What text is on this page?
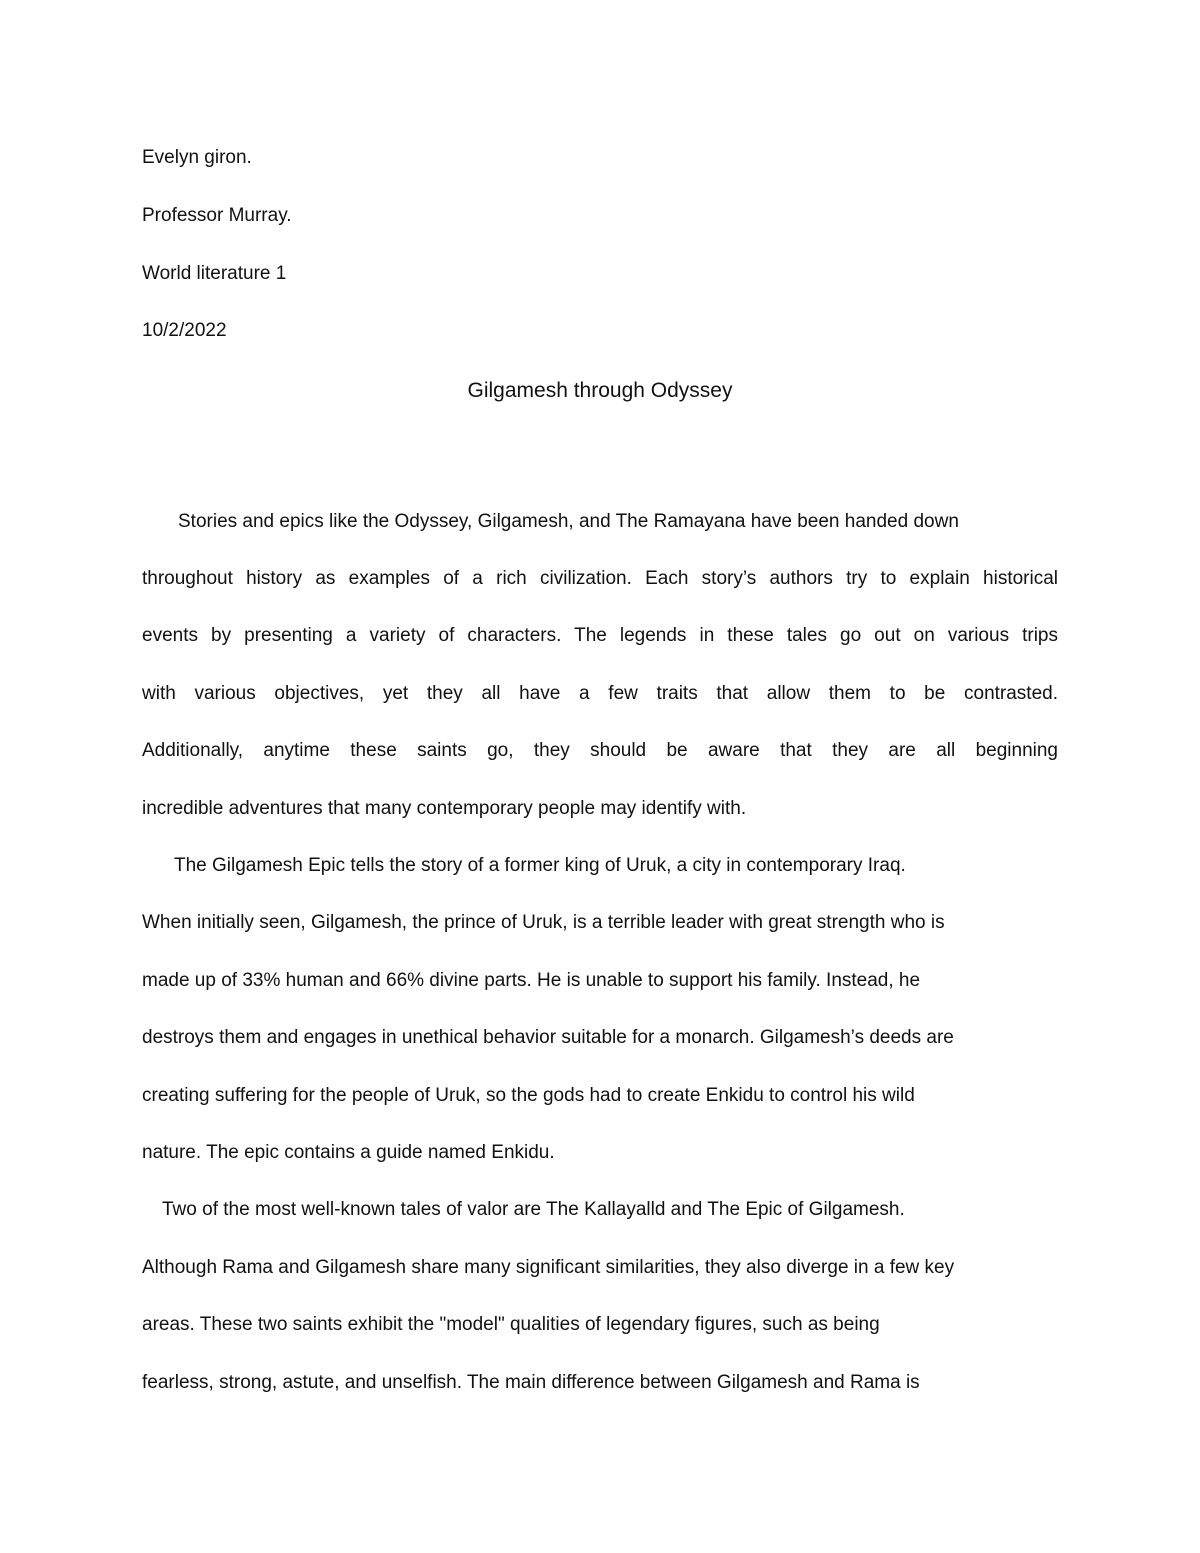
Evelyn giron.
Professor Murray.
World literature 1
10/2/2022
Gilgamesh through Odyssey
Stories and epics like the Odyssey, Gilgamesh, and The Ramayana have been handed down
throughout history as examples of a rich civilization. Each story’s authors try to explain historical
events by presenting a variety of characters. The legends in these tales go out on various trips
with various objectives, yet they all have a few traits that allow them to be contrasted.
Additionally, anytime these saints go, they should be aware that they are all beginning
incredible adventures that many contemporary people may identify with.
The Gilgamesh Epic tells the story of a former king of Uruk, a city in contemporary Iraq.
When initially seen, Gilgamesh, the prince of Uruk, is a terrible leader with great strength who is
made up of 33% human and 66% divine parts. He is unable to support his family. Instead, he
destroys them and engages in unethical behavior suitable for a monarch. Gilgamesh’s deeds are
creating suffering for the people of Uruk, so the gods had to create Enkidu to control his wild
nature. The epic contains a guide named Enkidu.
Two of the most well-known tales of valor are The Kallayalld and The Epic of Gilgamesh.
Although Rama and Gilgamesh share many significant similarities, they also diverge in a few key
areas. These two saints exhibit the "model" qualities of legendary figures, such as being
fearless, strong, astute, and unselfish. The main difference between Gilgamesh and Rama is
